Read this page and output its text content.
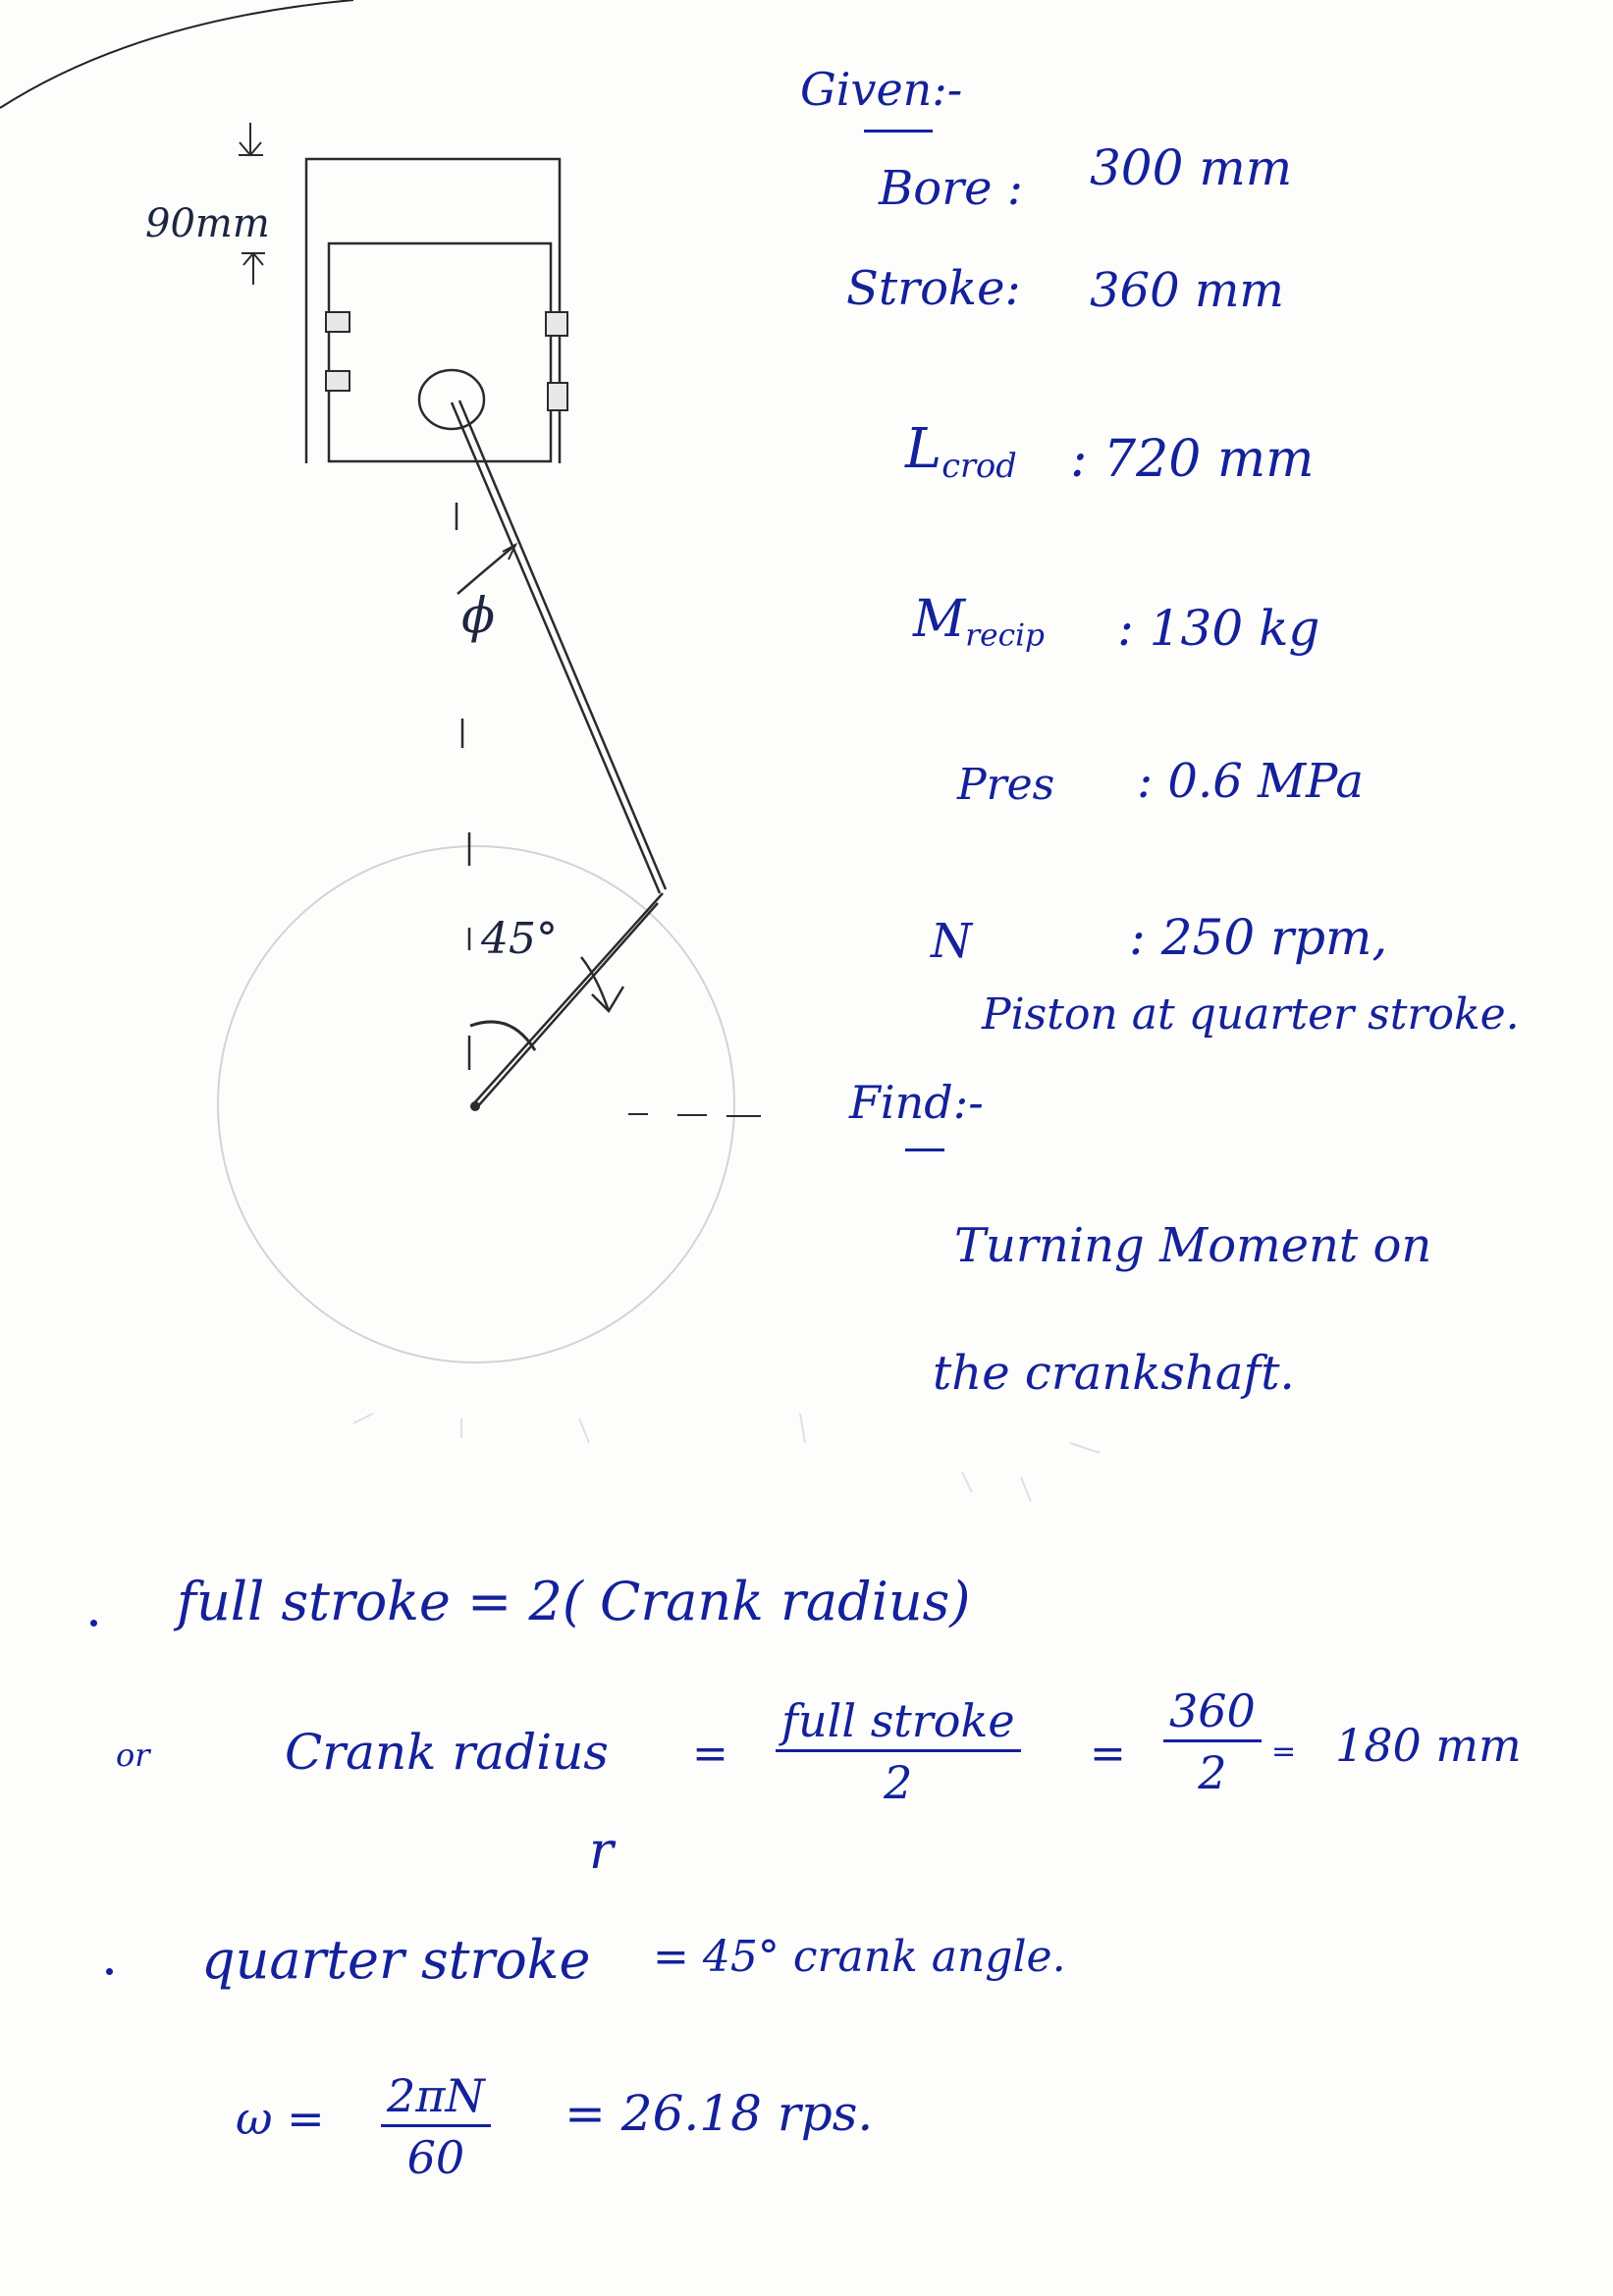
90mm
ϕ
45°
Given:-
Bore : 300 mm
Stroke: 360 mm
$L_{crod}$ : 720 mm
$M_{recip}$ : 130 kg
Pres : 0.6 MPa
N	: 250 rpm,
Piston at quarter stroke.
Find:-
Turning Moment on
the crankshaft.
full stroke = 2( Crank radius)
or	Crank radius
r
=
full stroke
2
= $\frac{360}{2} = 180$ mm
quarter stroke = 45° crank angle.
$\omega = \frac{2\pi N}{60} = 26.18$ rps.
